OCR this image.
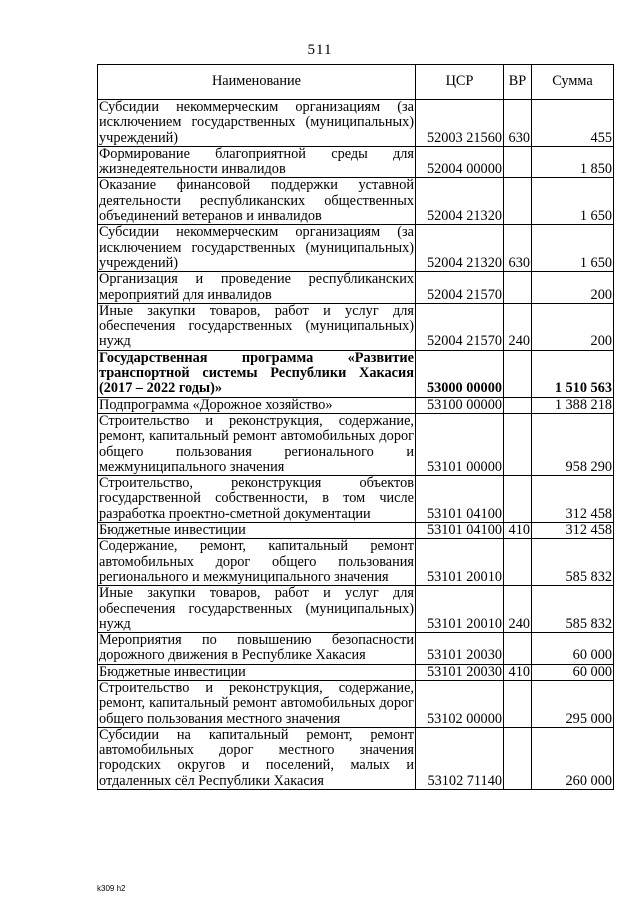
511
Наименование	ЦСР	ВР	Сумма
Субсидии некоммерческим организациям (за исключением государственных (муниципальных) учреждений)	52003 21560	630	455
Формирование благоприятной среды для жизнедеятельности инвалидов	52004 00000		1 850
Оказание финансовой поддержки уставной деятельности республиканских общественных объединений ветеранов и инвалидов	52004 21320		1 650
Субсидии некоммерческим организациям (за исключением государственных (муниципальных) учреждений)	52004 21320	630	1 650
Организация и проведение республиканских мероприятий для инвалидов	52004 21570		200
Иные закупки товаров, работ и услуг для обеспечения государственных (муниципальных) нужд	52004 21570	240	200
Государственная программа «Развитие транспортной системы Республики Хакасия (2017 – 2022 годы)»	53000 00000		1 510 563
Подпрограмма «Дорожное хозяйство»	53100 00000		1 388 218
Строительство и реконструкция, содержание, ремонт, капитальный ремонт автомобильных дорог общего пользования регионального и межмуниципального значения	53101 00000		958 290
Строительство, реконструкция объектов государственной собственности, в том числе разработка проектно-сметной документации	53101 04100		312 458
Бюджетные инвестиции	53101 04100	410	312 458
Содержание, ремонт, капитальный ремонт автомобильных дорог общего пользования регионального и межмуниципального значения	53101 20010		585 832
Иные закупки товаров, работ и услуг для обеспечения государственных (муниципальных) нужд	53101 20010	240	585 832
Мероприятия по повышению безопасности дорожного движения в Республике Хакасия	53101 20030		60 000
Бюджетные инвестиции	53101 20030	410	60 000
Строительство и реконструкция, содержание, ремонт, капитальный ремонт автомобильных дорог общего пользования местного значения	53102 00000		295 000
Субсидии на капитальный ремонт, ремонт автомобильных дорог местного значения городских округов и поселений, малых и отдаленных сёл Республики Хакасия	53102 71140		260 000
k309 h2
